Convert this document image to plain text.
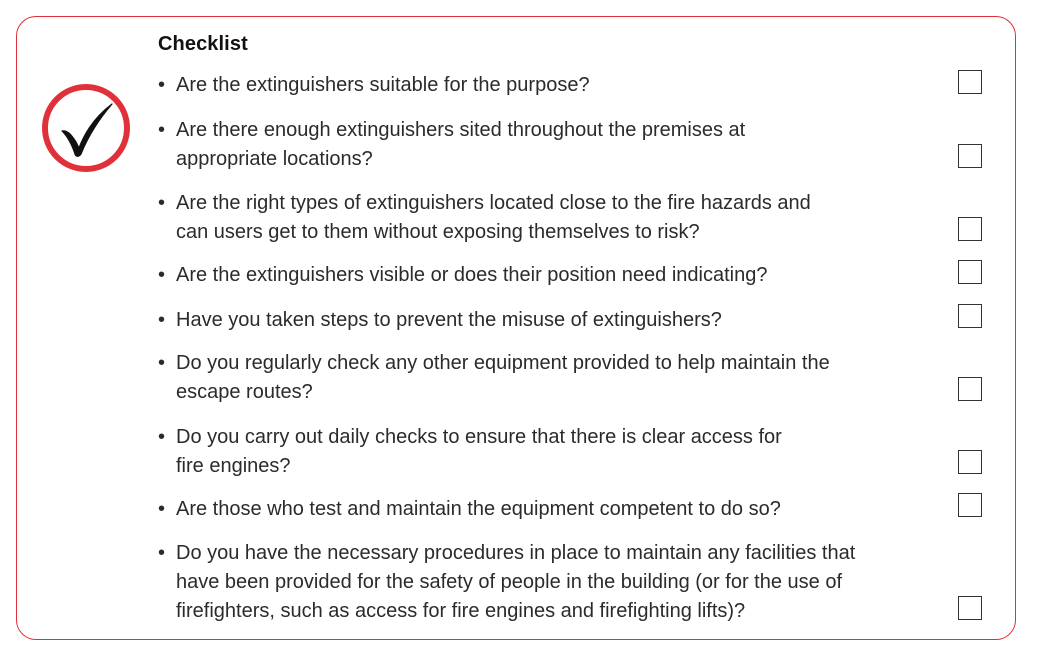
Checklist
• Are the extinguishers suitable for the purpose?
• Are there enough extinguishers sited throughout the premises at
appropriate locations?
• Are the right types of extinguishers located close to the fire hazards and
can users get to them without exposing themselves to risk?
• Are the extinguishers visible or does their position need indicating?
• Have you taken steps to prevent the misuse of extinguishers?
• Do you regularly check any other equipment provided to help maintain the
escape routes?
• Do you carry out daily checks to ensure that there is clear access for
fire engines?
• Are those who test and maintain the equipment competent to do so?
• Do you have the necessary procedures in place to maintain any facilities that
have been provided for the safety of people in the building (or for the use of
firefighters, such as access for fire engines and firefighting lifts)?
